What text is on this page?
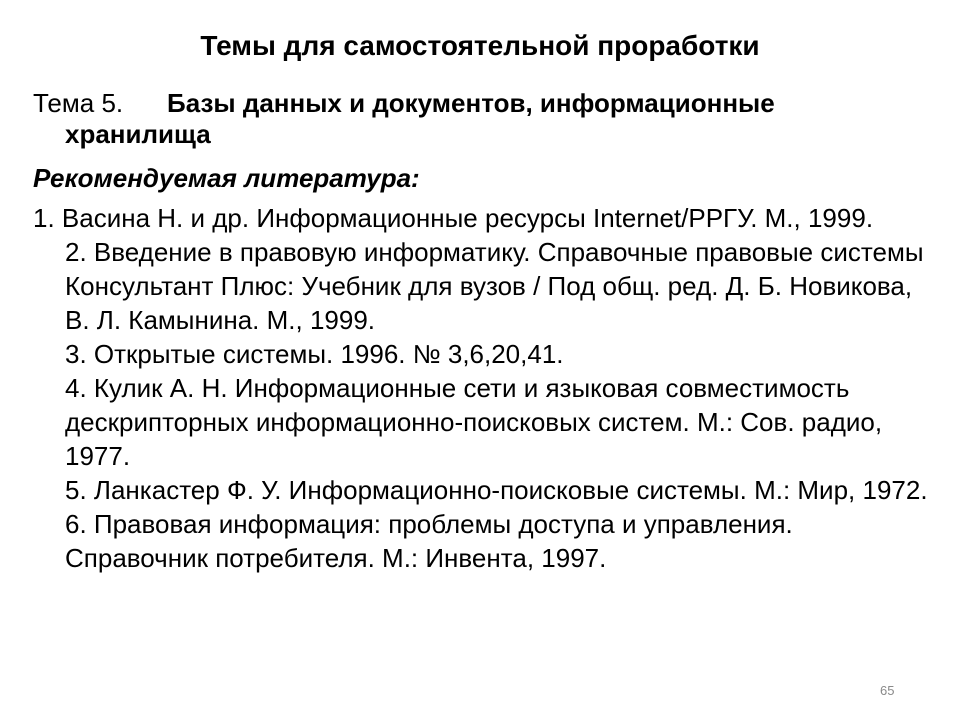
Темы для самостоятельной проработки
Тема 5. Базы данных и документов, информационные
хранилища
Рекомендуемая литература:
1. Васина Н. и др. Информационные ресурсы Internet/РРГУ. М., 1999.
2. Введение в правовую информатику. Справочные правовые системы Консультант Плюс: Учебник для вузов / Под общ. ред. Д. Б. Новикова, В. Л. Камынина. М., 1999.
3. Открытые системы. 1996. № 3,6,20,41.
4. Кулик А. Н. Информационные сети и языковая совместимость дескрипторных информационно-поисковых систем. М.: Сов. радио, 1977.
5. Ланкастер Ф. У. Информационно-поисковые системы. М.: Мир, 1972.
6. Правовая информация: проблемы доступа и управления. Справочник потребителя. М.: Инвента, 1997.
65
